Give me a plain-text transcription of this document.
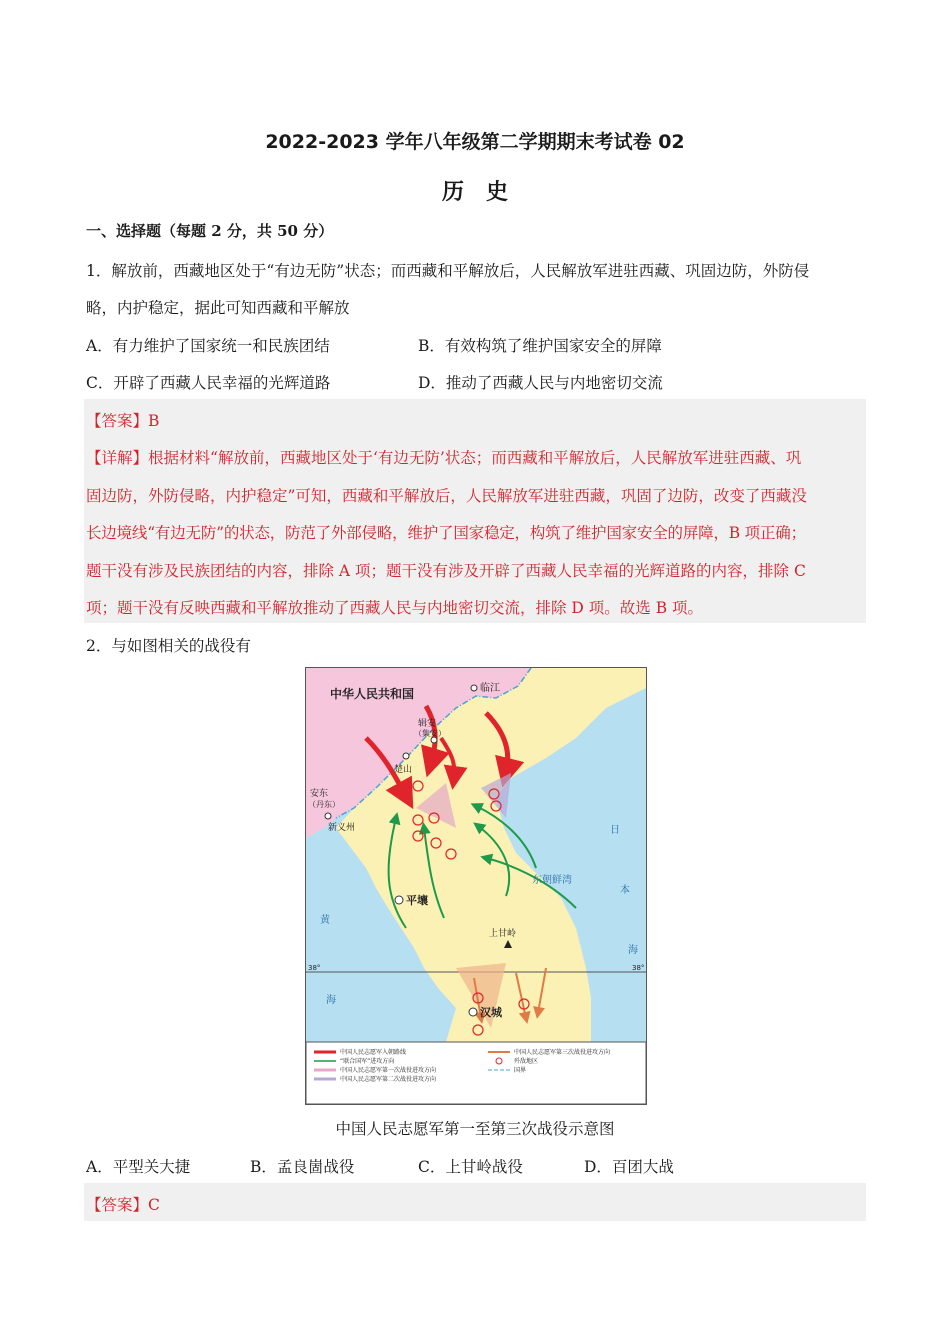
2022-2023 学年八年级第二学期期末考试卷 02
历史
一、选择题（每题 2 分，共 50 分）
1．解放前，西藏地区处于“有边无防”状态；而西藏和平解放后，人民解放军进驻西藏、巩固边防，外防侵
略，内护稳定，据此可知西藏和平解放
A．有力维护了国家统一和民族团结	B．有效构筑了维护国家安全的屏障
C．开辟了西藏人民幸福的光辉道路	D．推动了西藏人民与内地密切交流
【答案】B
【详解】根据材料“解放前，西藏地区处于‘有边无防’状态；而西藏和平解放后，人民解放军进驻西藏、巩
固边防，外防侵略，内护稳定”可知，西藏和平解放后，人民解放军进驻西藏，巩固了边防，改变了西藏没
长边境线“有边无防”的状态，防范了外部侵略，维护了国家稳定，构筑了维护国家安全的屏障，B 项正确；
题干没有涉及民族团结的内容，排除 A 项；题干没有涉及开辟了西藏人民幸福的光辉道路的内容，排除 C
项；题干没有反映西藏和平解放推动了西藏人民与内地密切交流，排除 D 项。故选 B 项。
2．与如图相关的战役有
中华人民共和国	临江
辑安
（集安）
楚山
安东
（丹东）
新义州
平壤
上甘岭
汉城
东朝鲜湾
日
本
海
黄
海
38°	38°
中国人民志愿军入朝路线
“联合国军”进攻方向
中国人民志愿军第一次战役进攻方向
中国人民志愿军第二次战役进攻方向
中国人民志愿军第三次战役进攻方向
歼敌地区
国界
中国人民志愿军第一至第三次战役示意图
A．平型关大捷	B．孟良崮战役	C．上甘岭战役	D．百团大战
【答案】C
